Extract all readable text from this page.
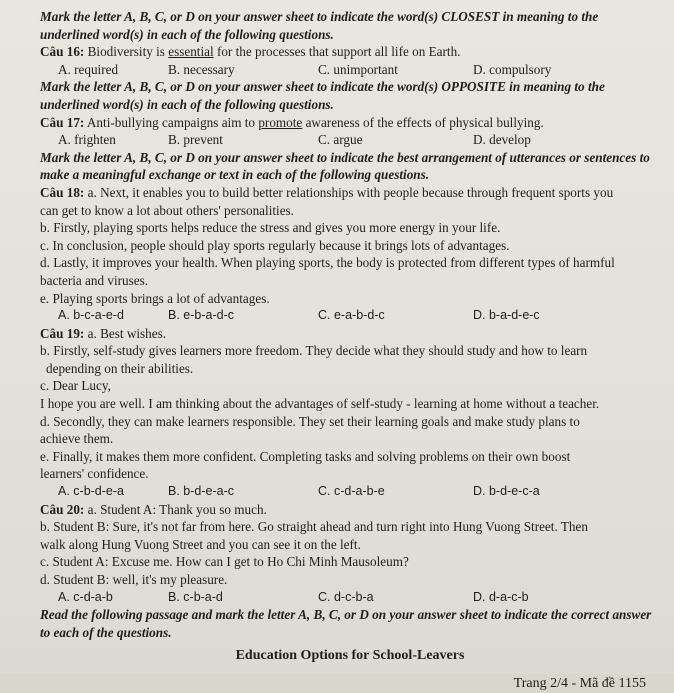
Mark the letter A, B, C, or D on your answer sheet to indicate the word(s) CLOSEST in meaning to the underlined word(s) in each of the following questions.

Câu 16: Biodiversity is essential for the processes that support all life on Earth.

A. required	B. necessary	C. unimportant	D. compulsory

Mark the letter A, B, C, or D on your answer sheet to indicate the word(s) OPPOSITE in meaning to the underlined word(s) in each of the following questions.

Câu 17: Anti-bullying campaigns aim to promote awareness of the effects of physical bullying.

A. frighten	B. prevent	C. argue	D. develop

Mark the letter A, B, C, or D on your answer sheet to indicate the best arrangement of utterances or sentences to make a meaningful exchange or text in each of the following questions.

Câu 18: a. Next, it enables you to build better relationships with people because through frequent sports you

can get to know a lot about others' personalities.

b. Firstly, playing sports helps reduce the stress and gives you more energy in your life.

c. In conclusion, people should play sports regularly because it brings lots of advantages.

d. Lastly, it improves your health. When playing sports, the body is protected from different types of harmful

bacteria and viruses.

e. Playing sports brings a lot of advantages.

A. b-c-a-e-d	B. e-b-a-d-c	C. e-a-b-d-c	D. b-a-d-e-c

Câu 19: a. Best wishes.

b. Firstly, self-study gives learners more freedom. They decide what they should study and how to learn

depending on their abilities.

c. Dear Lucy,

I hope you are well. I am thinking about the advantages of self-study - learning at home without a teacher.

d. Secondly, they can make learners responsible. They set their learning goals and make study plans to

achieve them.

e. Finally, it makes them more confident. Completing tasks and solving problems on their own boost

learners' confidence.

A. c-b-d-e-a	B. b-d-e-a-c	C. c-d-a-b-e	D. b-d-e-c-a

Câu 20: a. Student A: Thank you so much.

b. Student B: Sure, it's not far from here. Go straight ahead and turn right into Hung Vuong Street. Then

walk along Hung Vuong Street and you can see it on the left.

c. Student A: Excuse me. How can I get to Ho Chi Minh Mausoleum?

d. Student B: well, it's my pleasure.

A. c-d-a-b	B. c-b-a-d	C. d-c-b-a	D. d-a-c-b

Read the following passage and mark the letter A, B, C, or D on your answer sheet to indicate the correct answer to each of the questions.

Education Options for School-Leavers

Trang 2/4 - Mã đề 1155
